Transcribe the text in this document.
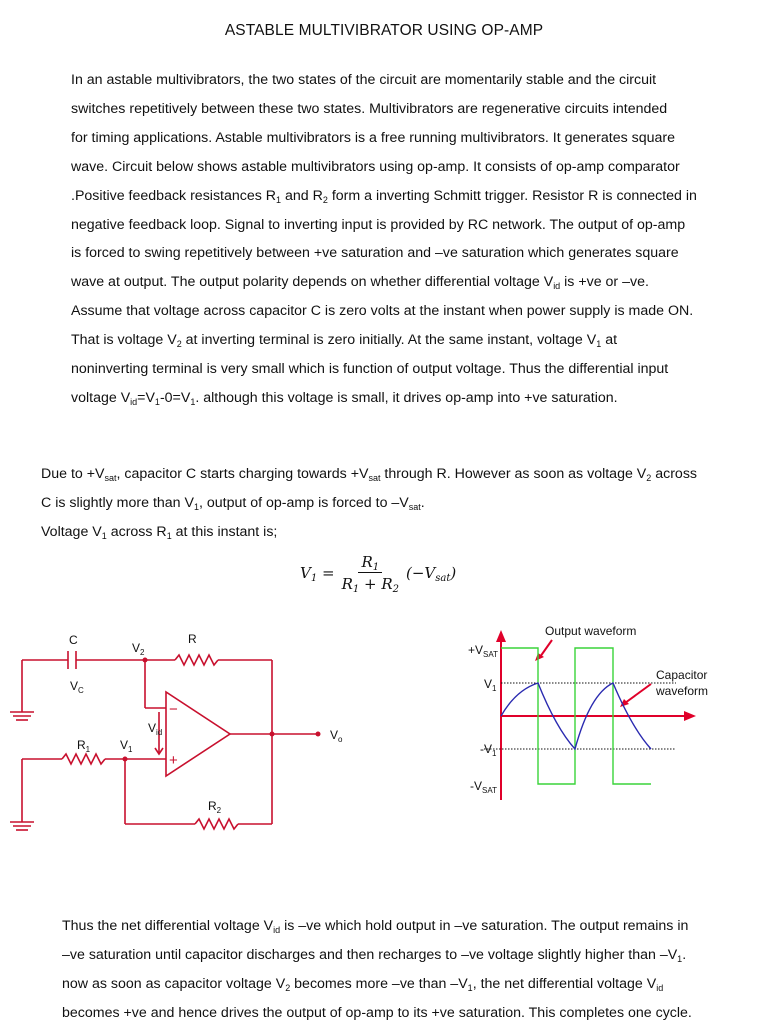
ASTABLE MULTIVIBRATOR USING OP-AMP
In an astable multivibrators, the two states of the circuit are momentarily stable and the circuit
switches repetitively between these two states. Multivibrators are regenerative circuits intended
for timing applications. Astable multivibrators is a free running multivibrators. It generates square
wave. Circuit below shows astable multivibrators using op-amp. It consists of op-amp comparator
.Positive feedback resistances $R_1$ and $R_2$ form a inverting Schmitt trigger. Resistor R is connected in
negative feedback loop. Signal to inverting input is provided by RC network. The output of op-amp
is forced to swing repetitively between +ve saturation and –ve saturation which generates square
wave at output. The output polarity depends on whether differential voltage $V_{id}$ is +ve or –ve.
Assume that voltage across capacitor C is zero volts at the instant when power supply is made ON.
That is voltage $V_2$ at inverting terminal is zero initially. At the same instant, voltage $V_1$ at
noninverting terminal is very small which is function of output voltage. Thus the differential input
voltage $V_{id}=V_1-0=V_1$. although this voltage is small, it drives op-amp into +ve saturation.
Due to $+V_{sat}$, capacitor C starts charging towards $+V_{sat}$ through R. However as soon as voltage $V_2$ across
C is slightly more than $V_1$, output of op-amp is forced to $-V_{sat}$.
Voltage $V_1$ across $R_1$ at this instant is;
$V_1 = \frac{R_1}{R_1 + R_2} (-V_{sat})$
−
+
C
$V_C$
$V_2$
R
$V_{id}$
$R_1$ $V_1$
$R_2$
$V_o$
Output waveform
Capacitor
waveform
$+V_{SAT}$
$V_1$
$-V_1$
$-V_{SAT}$
Thus the net differential voltage $V_{id}$ is –ve which hold output in –ve saturation. The output remains in
–ve saturation until capacitor discharges and then recharges to –ve voltage slightly higher than $-V_1$.
now as soon as capacitor voltage $V_2$ becomes more –ve than $-V_1$, the net differential voltage $V_{id}$
becomes +ve and hence drives the output of op-amp to its +ve saturation. This completes one cycle.
